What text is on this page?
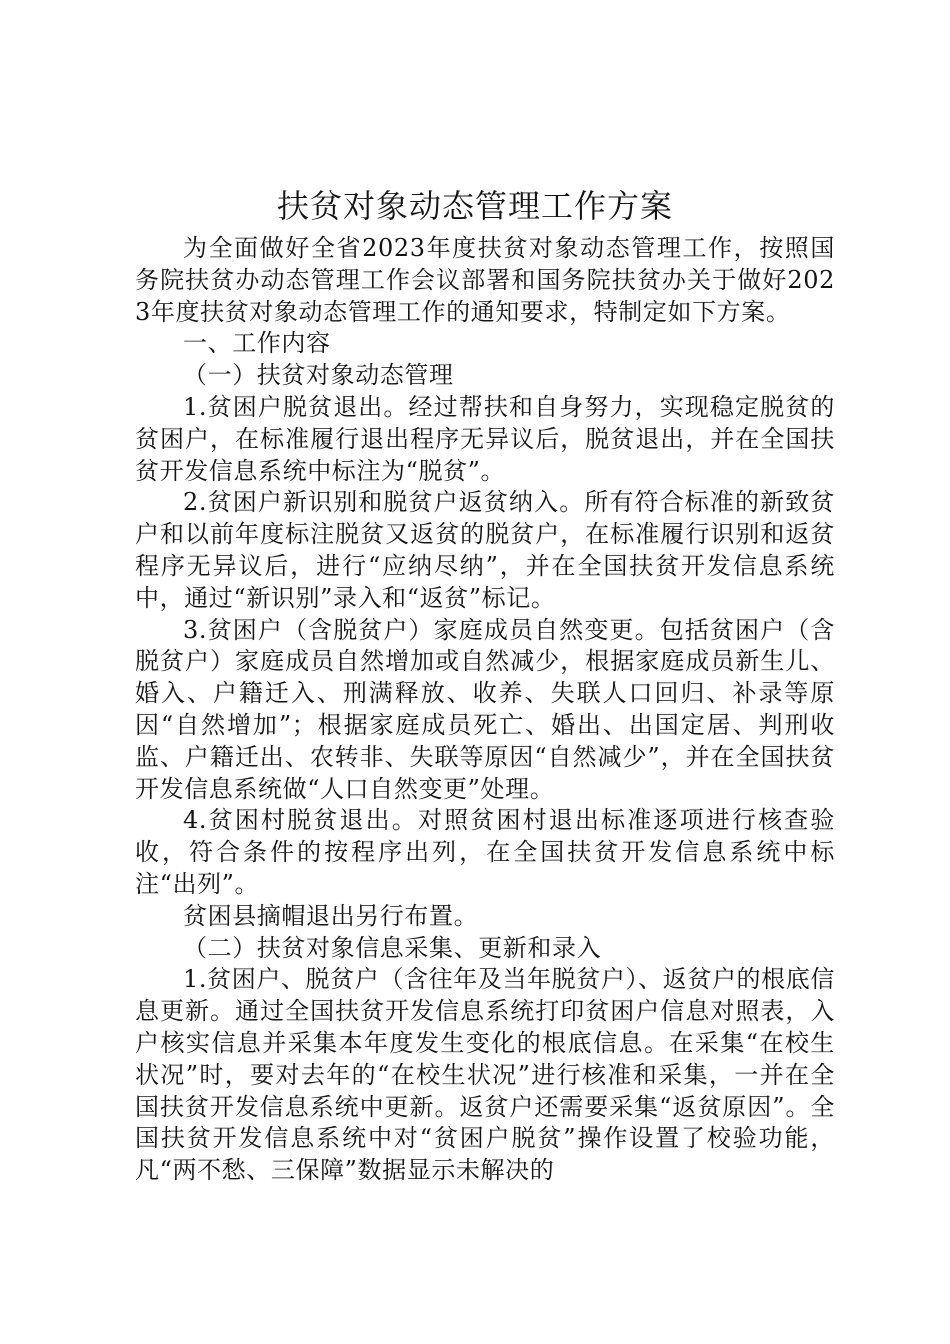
扶贫对象动态管理工作方案

为全面做好全省2023年度扶贫对象动态管理工作，按照国务院扶贫办动态管理工作会议部署和国务院扶贫办关于做好2023年度扶贫对象动态管理工作的通知要求，特制定如下方案。

一、工作内容

（一）扶贫对象动态管理

1.贫困户脱贫退出。经过帮扶和自身努力，实现稳定脱贫的贫困户，在标准履行退出程序无异议后，脱贫退出，并在全国扶贫开发信息系统中标注为“脱贫”。

2.贫困户新识别和脱贫户返贫纳入。所有符合标准的新致贫户和以前年度标注脱贫又返贫的脱贫户，在标准履行识别和返贫程序无异议后，进行“应纳尽纳”，并在全国扶贫开发信息系统中，通过“新识别”录入和“返贫”标记。

3.贫困户（含脱贫户）家庭成员自然变更。包括贫困户（含脱贫户）家庭成员自然增加或自然减少，根据家庭成员新生儿、婚入、户籍迁入、刑满释放、收养、失联人口回归、补录等原因“自然增加”；根据家庭成员死亡、婚出、出国定居、判刑收监、户籍迁出、农转非、失联等原因“自然减少”，并在全国扶贫开发信息系统做“人口自然变更”处理。

4.贫困村脱贫退出。对照贫困村退出标准逐项进行核查验收，符合条件的按程序出列，在全国扶贫开发信息系统中标注“出列”。

贫困县摘帽退出另行布置。

（二）扶贫对象信息采集、更新和录入

1.贫困户、脱贫户（含往年及当年脱贫户）、返贫户的根底信息更新。通过全国扶贫开发信息系统打印贫困户信息对照表，入户核实信息并采集本年度发生变化的根底信息。在采集“在校生状况”时，要对去年的“在校生状况”进行核准和采集，一并在全国扶贫开发信息系统中更新。返贫户还需要采集“返贫原因”。全国扶贫开发信息系统中对“贫困户脱贫”操作设置了校验功能，凡“两不愁、三保障”数据显示未解决的
